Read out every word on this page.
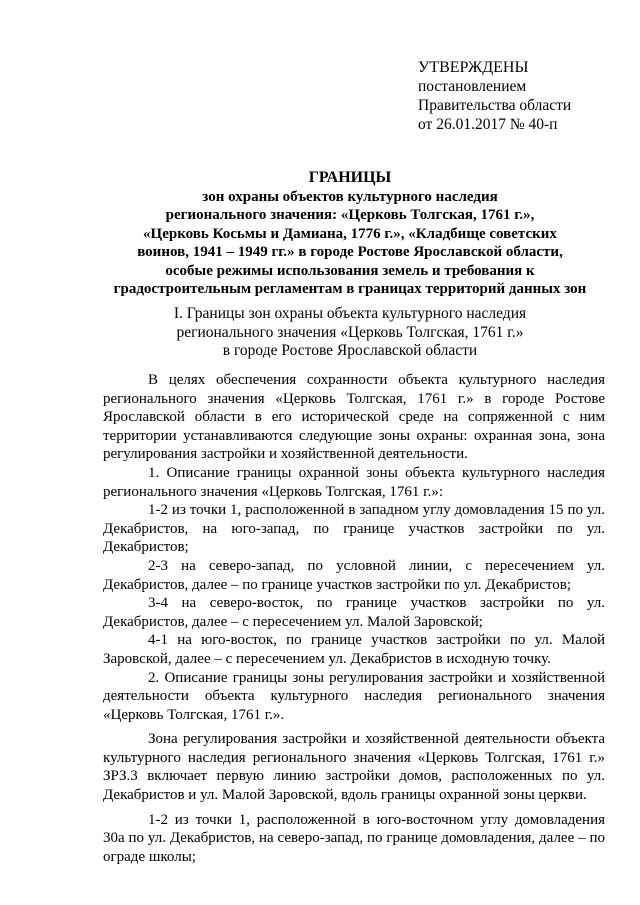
УТВЕРЖДЕНЫ
постановлением
Правительства области
от 26.01.2017 № 40-п
ГРАНИЦЫ
зон охраны объектов культурного наследия
регионального значения: «Церковь Толгская, 1761 г.»,
«Церковь Косьмы и Дамиана, 1776 г.», «Кладбище советских
воинов, 1941 – 1949 гг.» в городе Ростове Ярославской области,
особые режимы использования земель и требования к
градостроительным регламентам в границах территорий данных зон
I. Границы зон охраны объекта культурного наследия
регионального значения «Церковь Толгская, 1761 г.»
в городе Ростове Ярославской области

В целях обеспечения сохранности объекта культурного наследия регионального значения «Церковь Толгская, 1761 г.» в городе Ростове Ярославской области в его исторической среде на сопряженной с ним территории устанавливаются следующие зоны охраны: охранная зона, зона регулирования застройки и хозяйственной деятельности.

1. Описание границы охранной зоны объекта культурного наследия регионального значения «Церковь Толгская, 1761 г.»:

1-2 из точки 1, расположенной в западном углу домовладения 15 по ул. Декабристов, на юго-запад, по границе участков застройки по ул. Декабристов;

2-3 на северо-запад, по условной линии, с пересечением ул. Декабристов, далее – по границе участков застройки по ул. Декабристов;

3-4 на северо-восток, по границе участков застройки по ул. Декабристов, далее – с пересечением ул. Малой Заровской;

4-1 на юго-восток, по границе участков застройки по ул. Малой Заровской, далее – с пересечением ул. Декабристов в исходную точку.

2. Описание границы зоны регулирования застройки и хозяйственной деятельности объекта культурного наследия регионального значения «Церковь Толгская, 1761 г.».

Зона регулирования застройки и хозяйственной деятельности объекта культурного наследия регионального значения «Церковь Толгская, 1761 г.» ЗРЗ.3 включает первую линию застройки домов, расположенных по ул. Декабристов и ул. Малой Заровской, вдоль границы охранной зоны церкви.

1-2 из точки 1, расположенной в юго-восточном углу домовладения 30а по ул. Декабристов, на северо-запад, по границе домовладения, далее – по ограде школы;
